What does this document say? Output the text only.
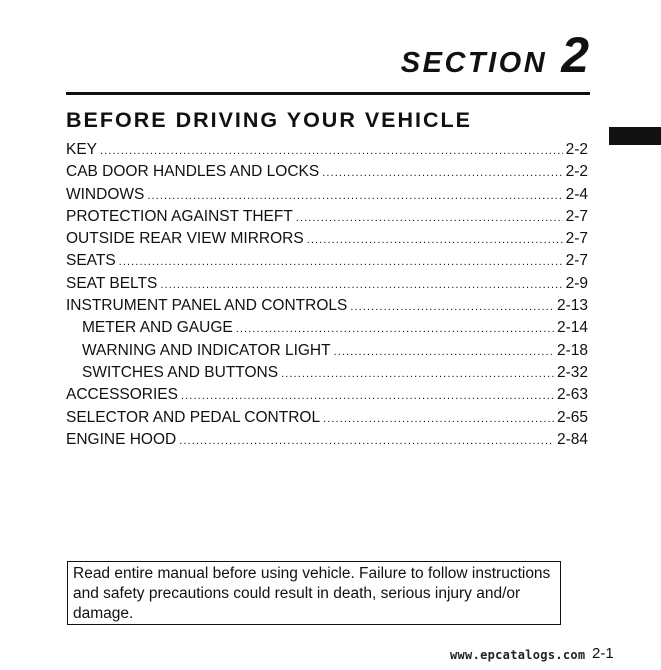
SECTION 2
BEFORE DRIVING YOUR VEHICLE
KEY .....	2-2
CAB DOOR HANDLES AND LOCKS .....	2-2
WINDOWS .....	2-4
PROTECTION AGAINST THEFT .....	2-7
OUTSIDE REAR VIEW MIRRORS .....	2-7
SEATS .....	2-7
SEAT BELTS .....	2-9
INSTRUMENT PANEL AND CONTROLS .....	2-13
METER AND GAUGE .....	2-14
WARNING AND INDICATOR LIGHT .....	2-18
SWITCHES AND BUTTONS .....	2-32
ACCESSORIES .....	2-63
SELECTOR AND PEDAL CONTROL .....	2-65
ENGINE HOOD .....	2-84
Read entire manual before using vehicle. Failure to follow instructions and safety precautions could result in death, serious injury and/or damage.
www.epcatalogs.com 2-1
